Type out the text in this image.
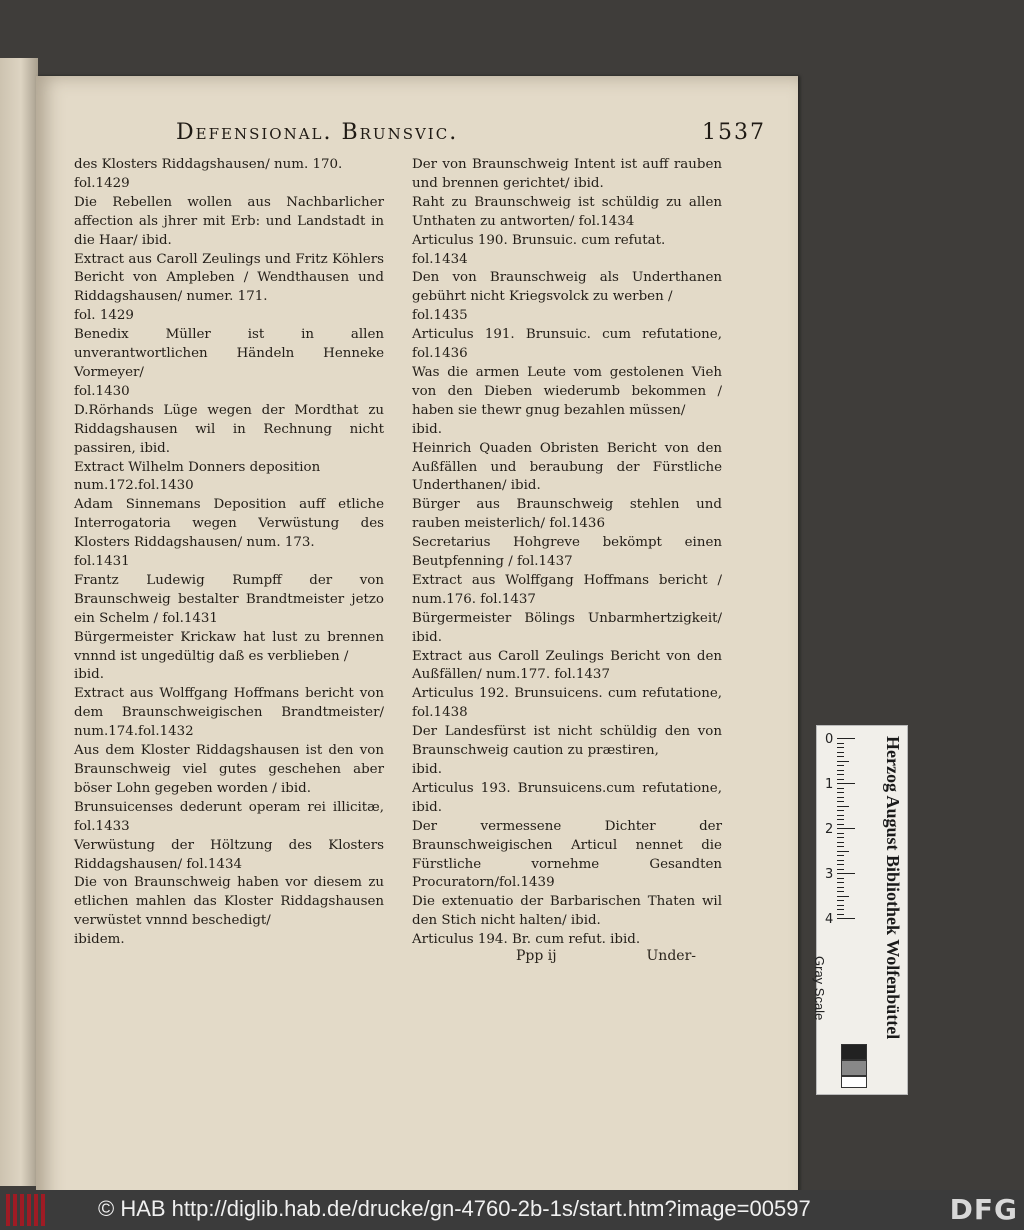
Defensional. Brunsvic.	1537

des Klosters Riddagshausen/ num. 170.
fol.1429

Die Rebellen wollen aus Nachbarlicher affection als jhrer mit Erb: und Landstadt in die Haar/ ibid.

Extract aus Caroll Zeulings und Fritz Köhlers Bericht von Ampleben / Wendthausen und Riddagshausen/ numer. 171.
fol. 1429

Benedix Müller ist in allen unverantwortlichen Händeln Henneke Vormeyer/
fol.1430

D.Rörhands Lüge wegen der Mordthat zu Riddagshausen wil in Rechnung nicht passiren, ibid.

Extract Wilhelm Donners deposition
num.172.fol.1430

Adam Sinnemans Deposition auff etliche Interrogatoria wegen Verwüstung des Klosters Riddagshausen/ num. 173.
fol.1431

Frantz Ludewig Rumpff der von Braunschweig bestalter Brandtmeister jetzo ein Schelm / fol.1431

Bürgermeister Krickaw hat lust zu brennen vnnnd ist ungedültig daß es verblieben /
ibid.

Extract aus Wolffgang Hoffmans bericht von dem Braunschweigischen Brandtmeister/ num.174.fol.1432

Aus dem Kloster Riddagshausen ist den von Braunschweig viel gutes geschehen aber böser Lohn gegeben worden / ibid.

Brunsuicenses dederunt operam rei illicitæ, fol.1433

Verwüstung der Höltzung des Klosters Riddagshausen/ fol.1434

Die von Braunschweig haben vor diesem zu etlichen mahlen das Kloster Riddagshausen verwüstet vnnnd beschedigt/
ibidem.

Der von Braunschweig Intent ist auff rauben und brennen gerichtet/ ibid.

Raht zu Braunschweig ist schüldig zu allen Unthaten zu antworten/ fol.1434

Articulus 190. Brunsuic. cum refutat.
fol.1434

Den von Braunschweig als Underthanen gebührt nicht Kriegsvolck zu werben /
fol.1435

Articulus 191. Brunsuic. cum refutatione, fol.1436

Was die armen Leute vom gestolenen Vieh von den Dieben wiederumb bekommen / haben sie thewr gnug bezahlen müssen/
ibid.

Heinrich Quaden Obristen Bericht von den Außfällen und beraubung der Fürstliche Underthanen/ ibid.

Bürger aus Braunschweig stehlen und rauben meisterlich/ fol.1436

Secretarius Hohgreve bekömpt einen Beutpfenning / fol.1437

Extract aus Wolffgang Hoffmans bericht / num.176. fol.1437

Bürgermeister Bölings Unbarmhertzigkeit/ ibid.

Extract aus Caroll Zeulings Bericht von den Außfällen/ num.177. fol.1437

Articulus 192. Brunsuicens. cum refutatione, fol.1438

Der Landesfürst ist nicht schüldig den von Braunschweig caution zu præstiren,
ibid.

Articulus 193. Brunsuicens.cum refutatione, ibid.

Der vermessene Dichter der Braunschweigischen Articul nennet die Fürstliche vornehme Gesandten Procuratorn/fol.1439

Die extenuatio der Barbarischen Thaten wil den Stich nicht halten/ ibid.

Articulus 194. Br. cum refut. ibid.

Ppp ij	Under-
0
1
2
3
4
Gray Scale	Herzog August Bibliothek Wolfenbüttel
© HAB http://diglib.hab.de/drucke/gn-4760-2b-1s/start.htm?image=00597	DFG
